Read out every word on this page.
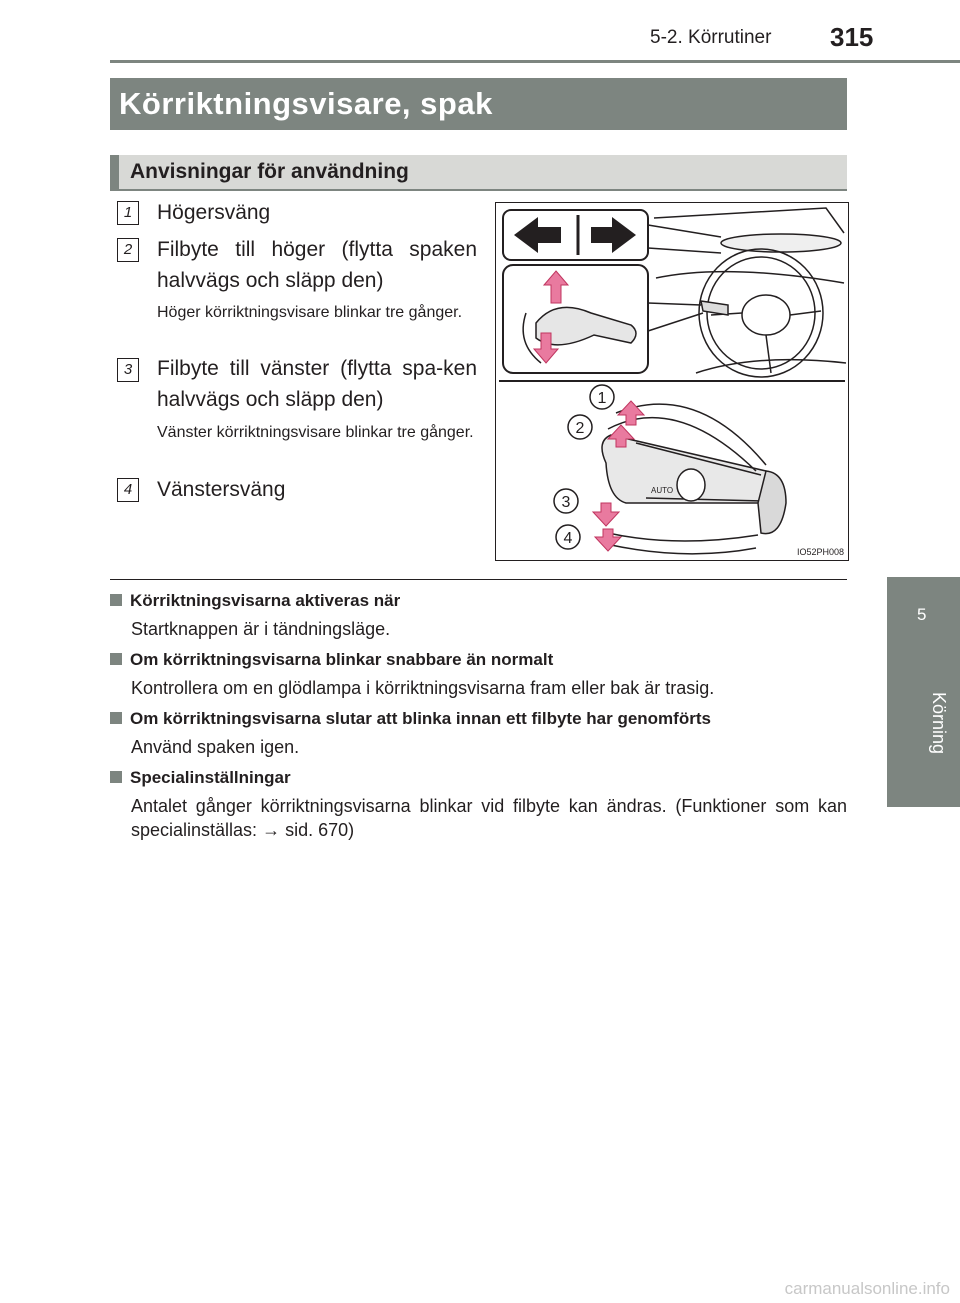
5-2. Körrutiner 315
5
Körning
Körriktningsvisare, spak
Anvisningar för användning
1	Högersväng
2	Filbyte till höger (flytta spaken halvvägs och släpp den)
Höger körriktningsvisare blinkar tre gånger.
3	Filbyte till vänster (flytta spa-ken halvvägs och släpp den)
Vänster körriktningsvisare blinkar tre gånger.
4	Vänstersväng	AUTO
1
2
3
4
IO52PH008
Körriktningsvisarna aktiveras när
Startknappen är i tändningsläge.
Om körriktningsvisarna blinkar snabbare än normalt
Kontrollera om en glödlampa i körriktningsvisarna fram eller bak är trasig.
Om körriktningsvisarna slutar att blinka innan ett filbyte har genomförts
Använd spaken igen.
Specialinställningar
Antalet gånger körriktningsvisarna blinkar vid filbyte kan ändras. (Funktioner som kan specialinställas: → sid. 670)
carmanualsonline.info
